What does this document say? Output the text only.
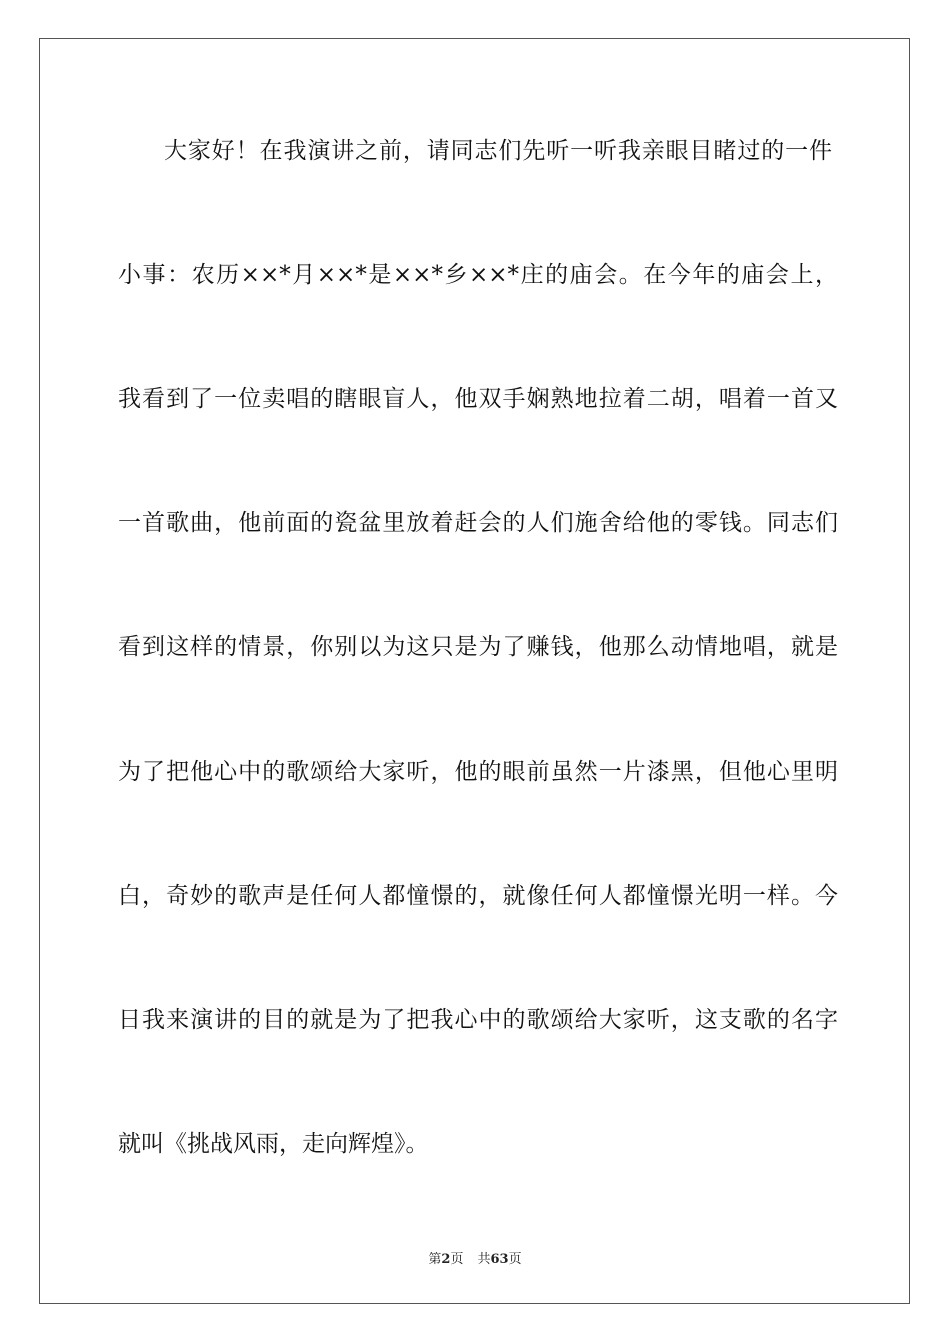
大家好！在我演讲之前，请同志们先听一听我亲眼目睹过的一件
小事：农历××*月××*是××*乡××*庄的庙会。在今年的庙会上，
我看到了一位卖唱的瞎眼盲人，他双手娴熟地拉着二胡，唱着一首又
一首歌曲，他前面的瓷盆里放着赶会的人们施舍给他的零钱。同志们
看到这样的情景，你别以为这只是为了赚钱，他那么动情地唱，就是
为了把他心中的歌颂给大家听，他的眼前虽然一片漆黑，但他心里明
白，奇妙的歌声是任何人都憧憬的，就像任何人都憧憬光明一样。今
日我来演讲的目的就是为了把我心中的歌颂给大家听，这支歌的名字
就叫《挑战风雨，走向辉煌》。
第2页 共63页
